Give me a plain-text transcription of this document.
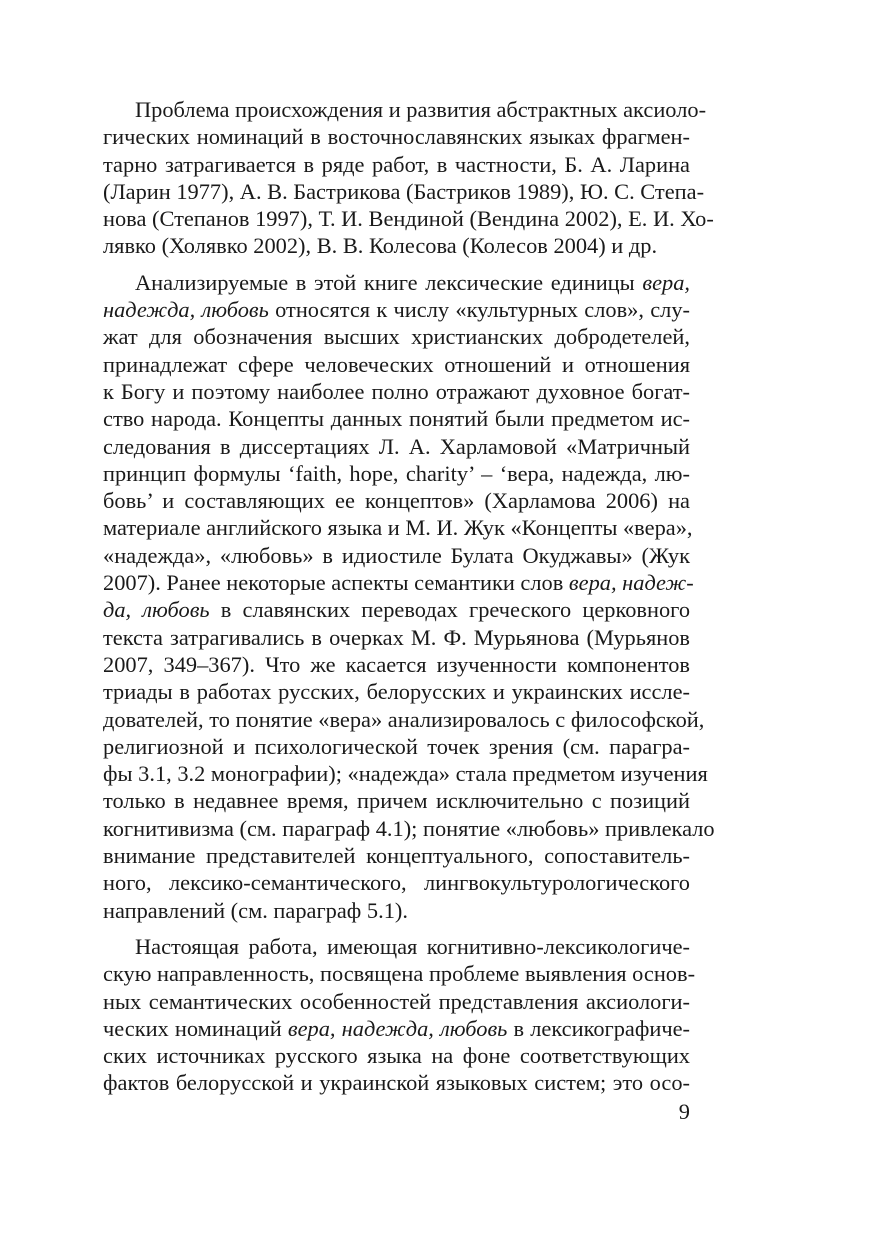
Проблема происхождения и развития абстрактных аксиоло-
гических номинаций в восточнославянских языках фрагмен-
тарно затрагивается в ряде работ, в частности, Б. А. Ларина
(Ларин 1977), А. В. Бастрикова (Бастриков 1989), Ю. С. Степа-
нова (Степанов 1997), Т. И. Вендиной (Вендина 2002), Е. И. Хо-
лявко (Холявко 2002), В. В. Колесова (Колесов 2004) и др.
Анализируемые в этой книге лексические единицы вера,
надежда, любовь относятся к числу «культурных слов», слу-
жат для обозначения высших христианских добродетелей,
принадлежат сфере человеческих отношений и отношения
к Богу и поэтому наиболее полно отражают духовное богат-
ство народа. Концепты данных понятий были предметом ис-
следования в диссертациях Л. А. Харламовой «Матричный
принцип формулы ‘faith, hope, charity’ – ‘вера, надежда, лю-
бовь’ и составляющих ее концептов» (Харламова 2006) на
материале английского языка и М. И. Жук «Концепты «вера»,
«надежда», «любовь» в идиостиле Булата Окуджавы» (Жук
2007). Ранее некоторые аспекты семантики слов вера, надеж-
да, любовь в славянских переводах греческого церковного
текста затрагивались в очерках М. Ф. Мурьянова (Мурьянов
2007, 349–367). Что же касается изученности компонентов
триады в работах русских, белорусских и украинских иссле-
дователей, то понятие «вера» анализировалось с философской,
религиозной и психологической точек зрения (см. парагра-
фы 3.1, 3.2 монографии); «надежда» стала предметом изучения
только в недавнее время, причем исключительно с позиций
когнитивизма (см. параграф 4.1); понятие «любовь» привлекало
внимание представителей концептуального, сопоставитель-
ного, лексико-семантического, лингвокультурологического
направлений (см. параграф 5.1).
Настоящая работа, имеющая когнитивно-лексикологиче-
скую направленность, посвящена проблеме выявления основ-
ных семантических особенностей представления аксиологи-
ческих номинаций вера, надежда, любовь в лексикографиче-
ских источниках русского языка на фоне соответствующих
фактов белорусской и украинской языковых систем; это осо-
9
